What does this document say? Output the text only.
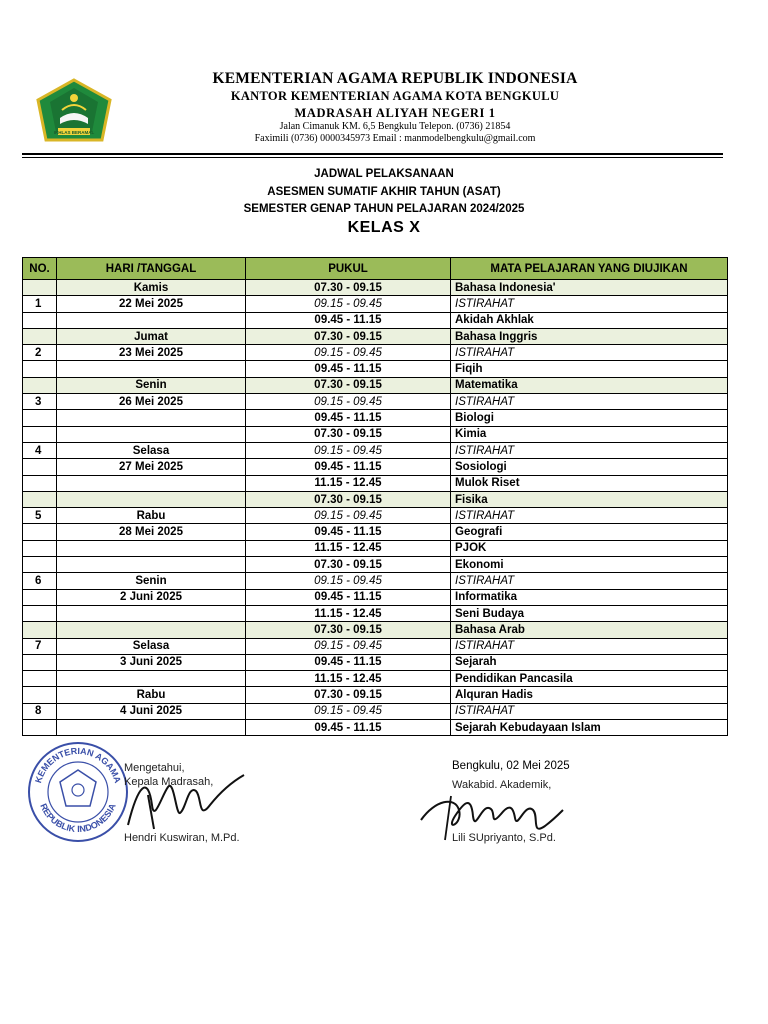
IKHLAS BERAMAL
KEMENTERIAN AGAMA REPUBLIK INDONESIA
KANTOR KEMENTERIAN AGAMA KOTA BENGKULU
MADRASAH ALIYAH NEGERI 1
Jalan Cimanuk KM. 6,5 Bengkulu Telepon. (0736) 21854
Faximili (0736) 0000345973 Email : manmodelbengkulu@gmail.com
JADWAL PELAKSANAAN
ASESMEN SUMATIF AKHIR TAHUN (ASAT)
SEMESTER GENAP TAHUN PELAJARAN 2024/2025
KELAS X
NO.	HARI /TANGGAL	PUKUL	MATA PELAJARAN YANG DIUJIKAN
	Kamis	07.30 - 09.15	Bahasa Indonesia'
1	22 Mei 2025	09.15 - 09.45	ISTIRAHAT
		09.45 - 11.15	Akidah Akhlak
	Jumat	07.30 - 09.15	Bahasa Inggris
2	23 Mei 2025	09.15 - 09.45	ISTIRAHAT
		09.45 - 11.15	Fiqih
	Senin	07.30 - 09.15	Matematika
3	26 Mei 2025	09.15 - 09.45	ISTIRAHAT
		09.45 - 11.15	Biologi
		07.30 - 09.15	Kimia
4	Selasa	09.15 - 09.45	ISTIRAHAT
	27 Mei 2025	09.45 - 11.15	Sosiologi
		11.15 - 12.45	Mulok Riset
		07.30 - 09.15	Fisika
5	Rabu	09.15 - 09.45	ISTIRAHAT
	28 Mei 2025	09.45 - 11.15	Geografi
		11.15 - 12.45	PJOK
		07.30 - 09.15	Ekonomi
6	Senin	09.15 - 09.45	ISTIRAHAT
	2 Juni 2025	09.45 - 11.15	Informatika
		11.15 - 12.45	Seni Budaya
		07.30 - 09.15	Bahasa Arab
7	Selasa	09.15 - 09.45	ISTIRAHAT
	3 Juni 2025	09.45 - 11.15	Sejarah
		11.15 - 12.45	Pendidikan Pancasila
	Rabu	07.30 - 09.15	Alquran Hadis
8	4 Juni 2025	09.15 - 09.45	ISTIRAHAT
		09.45 - 11.15	Sejarah Kebudayaan Islam
KEMENTERIAN AGAMA
REPUBLIK INDONESIA
Mengetahui,
Kepala Madrasah,
Hendri Kuswiran, M.Pd.
Bengkulu, 02 Mei 2025
Wakabid. Akademik,
Lili SUpriyanto, S.Pd.
